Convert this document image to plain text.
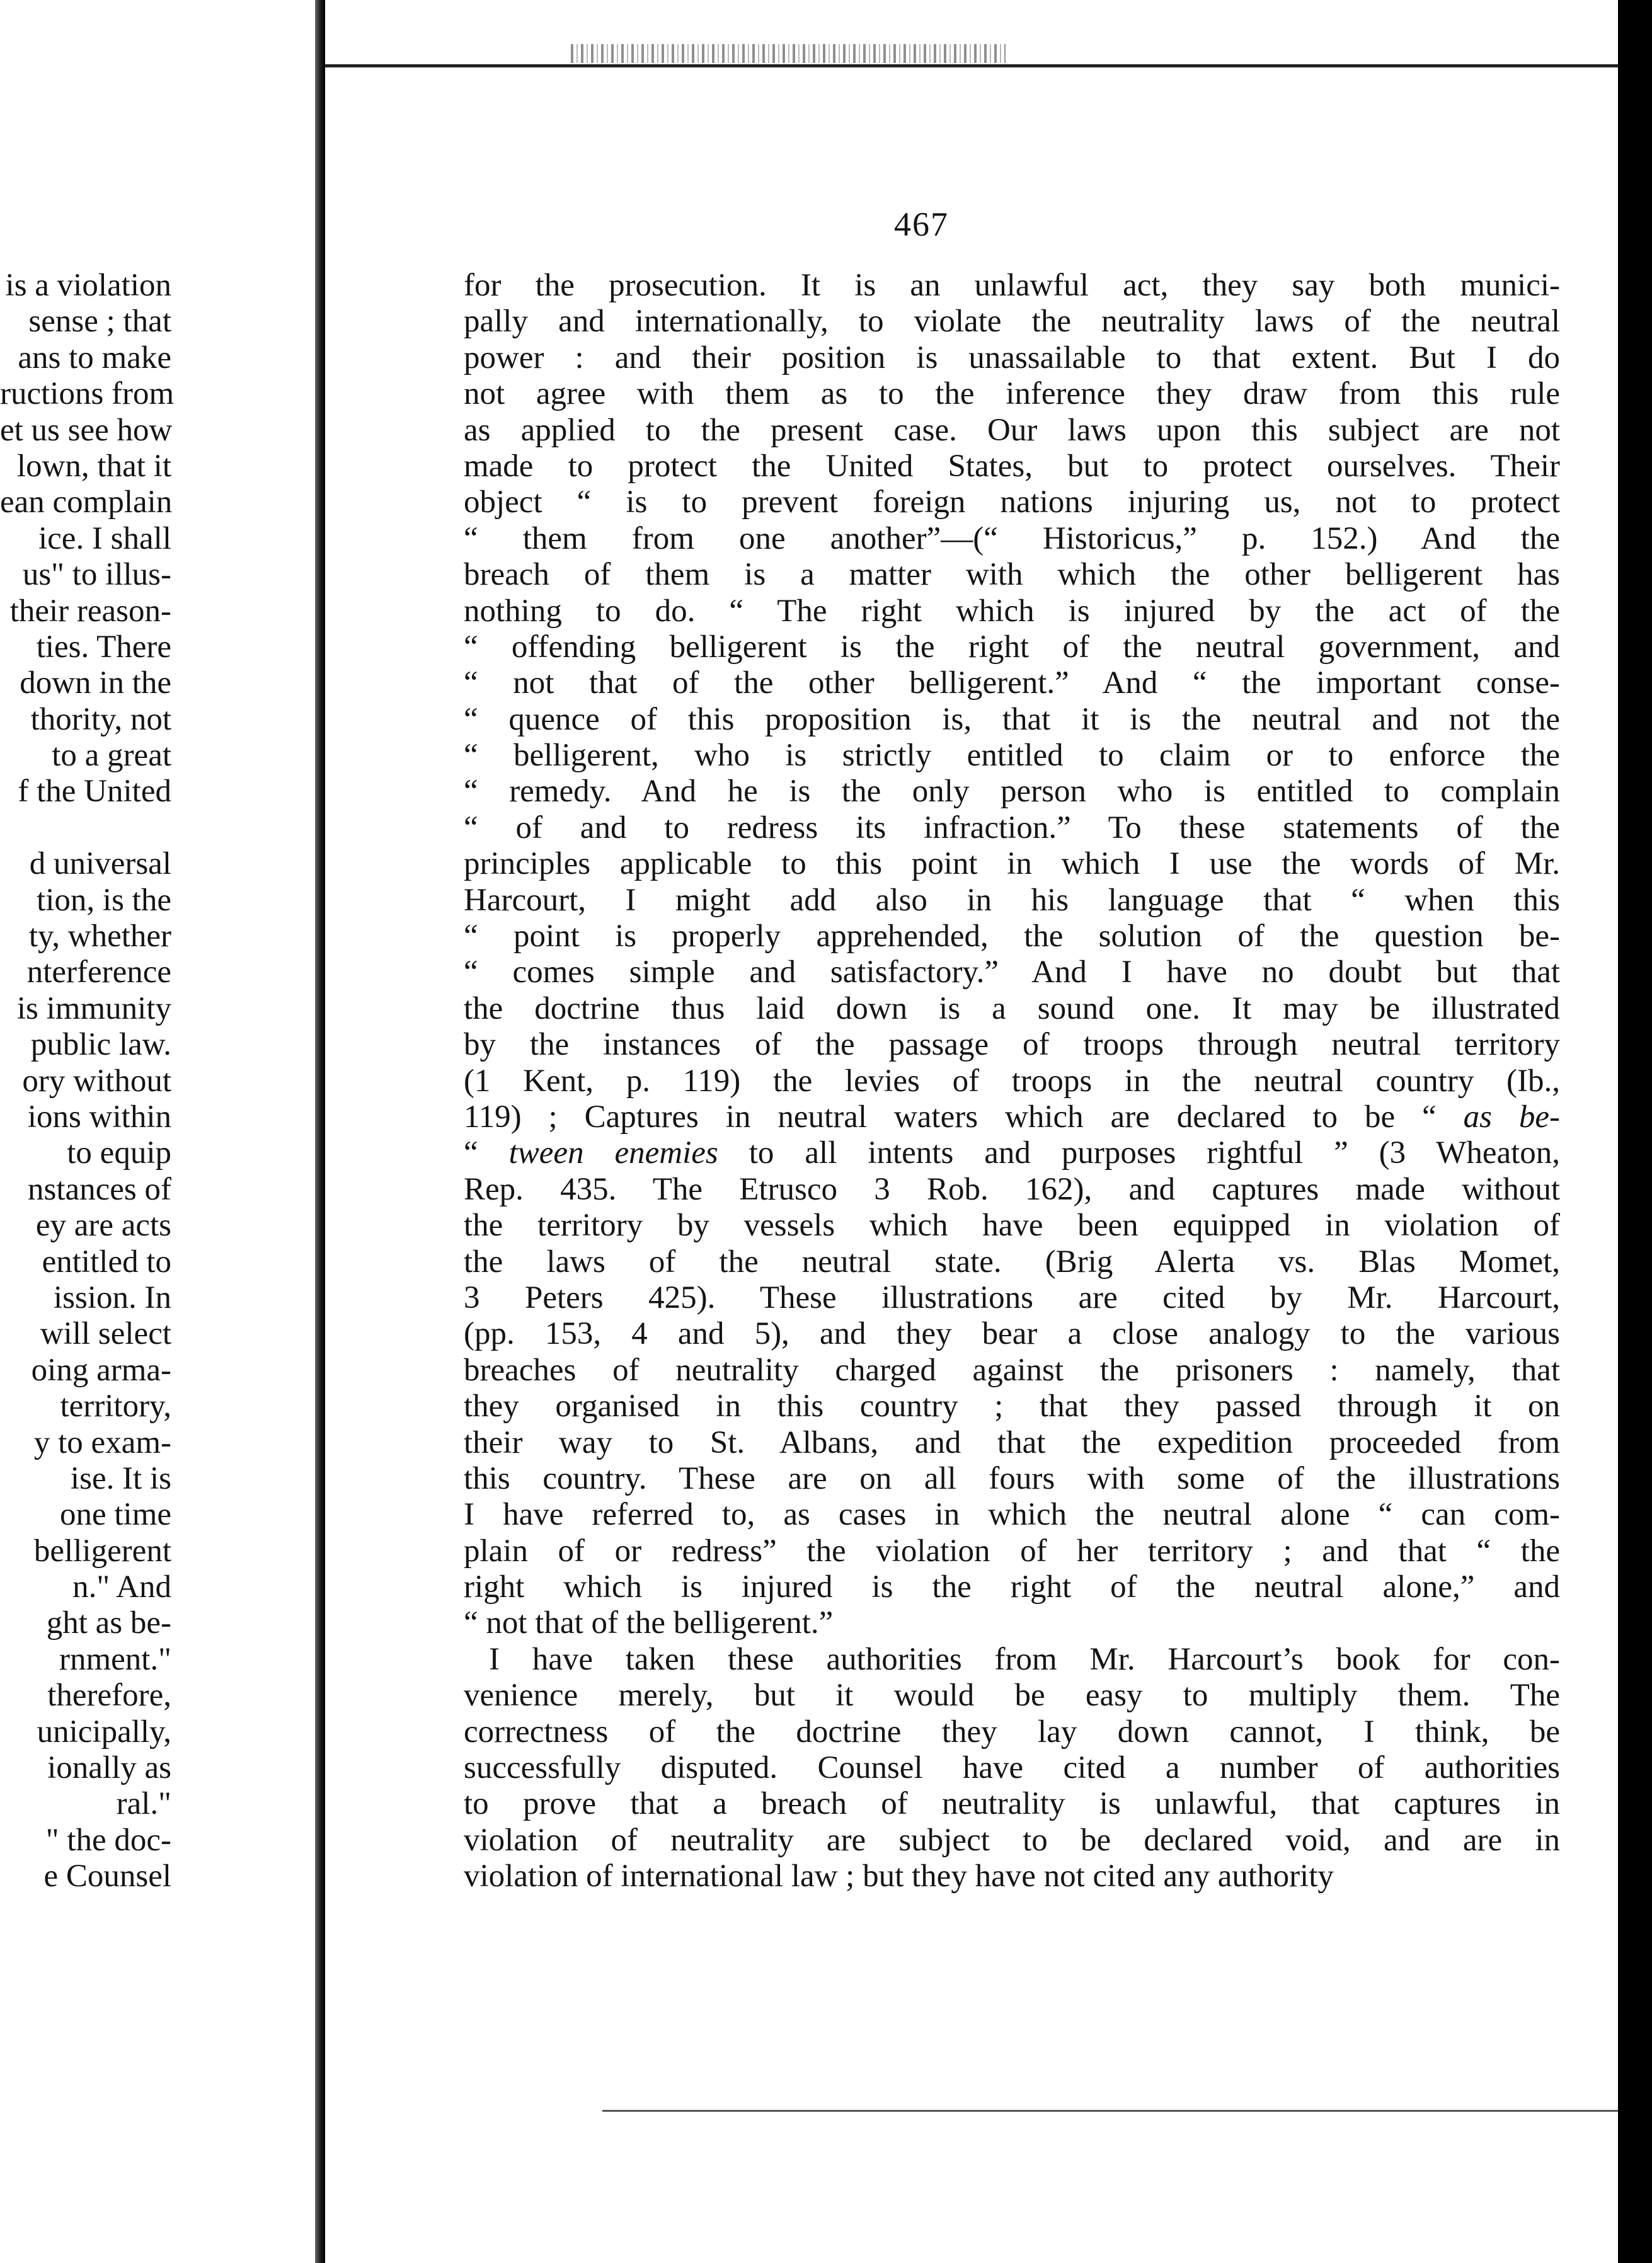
is a violation
sense ; that
ans to make
ructions from
et us see how
lown, that it
ean complain
ice. I shall
us" to illus-
their reason-
ties. There
down in the
thority, not
to a great
f the United
d universal
tion, is the
ty, whether
nterference
is immunity
public law.
ory without
ions within
to equip
nstances of
ey are acts
entitled to
ission. In
will select
oing arma-
territory,
y to exam-
ise. It is
one time
belligerent
n." And
ght as be-
rnment."
therefore,
unicipally,
ionally as
ral."
" the doc-
e Counsel
467
for the prosecution. It is an unlawful act, they say both munici-
pally and internationally, to violate the neutrality laws of the neutral
power : and their position is unassailable to that extent. But I do
not agree with them as to the inference they draw from this rule
as applied to the present case. Our laws upon this subject are not
made to protect the United States, but to protect ourselves. Their
object “ is to prevent foreign nations injuring us, not to protect
“ them from one another”—(“ Historicus,” p. 152.) And the
breach of them is a matter with which the other belligerent has
nothing to do. “ The right which is injured by the act of the
“ offending belligerent is the right of the neutral government, and
“ not that of the other belligerent.” And “ the important conse-
“ quence of this proposition is, that it is the neutral and not the
“ belligerent, who is strictly entitled to claim or to enforce the
“ remedy. And he is the only person who is entitled to complain
“ of and to redress its infraction.” To these statements of the
principles applicable to this point in which I use the words of Mr.
Harcourt, I might add also in his language that “ when this
“ point is properly apprehended, the solution of the question be-
“ comes simple and satisfactory.” And I have no doubt but that
the doctrine thus laid down is a sound one. It may be illustrated
by the instances of the passage of troops through neutral territory
(1 Kent, p. 119) the levies of troops in the neutral country (Ib.,
119) ; Captures in neutral waters which are declared to be “ as be-
“ tween enemies to all intents and purposes rightful ” (3 Wheaton,
Rep. 435. The Etrusco 3 Rob. 162), and captures made without
the territory by vessels which have been equipped in violation of
the laws of the neutral state. (Brig Alerta vs. Blas Momet,
3 Peters 425). These illustrations are cited by Mr. Harcourt,
(pp. 153, 4 and 5), and they bear a close analogy to the various
breaches of neutrality charged against the prisoners : namely, that
they organised in this country ; that they passed through it on
their way to St. Albans, and that the expedition proceeded from
this country. These are on all fours with some of the illustrations
I have referred to, as cases in which the neutral alone “ can com-
plain of or redress” the violation of her territory ; and that “ the
right which is injured is the right of the neutral alone,” and
“ not that of the belligerent.”
I have taken these authorities from Mr. Harcourt’s book for con-
venience merely, but it would be easy to multiply them. The
correctness of the doctrine they lay down cannot, I think, be
successfully disputed. Counsel have cited a number of authorities
to prove that a breach of neutrality is unlawful, that captures in
violation of neutrality are subject to be declared void, and are in
violation of international law ; but they have not cited any authority
